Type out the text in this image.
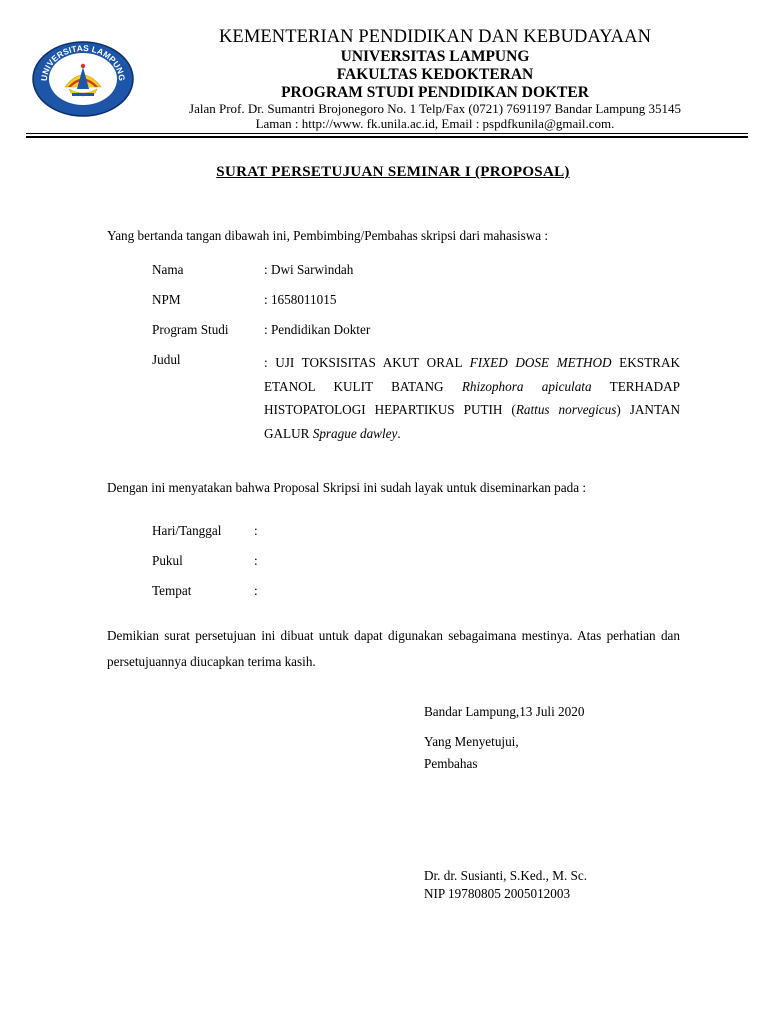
UNIVERSITAS LAMPUNG
KEMENTERIAN PENDIDIKAN DAN KEBUDAYAAN
UNIVERSITAS LAMPUNG
FAKULTAS KEDOKTERAN
PROGRAM STUDI PENDIDIKAN DOKTER
Jalan Prof. Dr. Sumantri Brojonegoro No. 1 Telp/Fax (0721) 7691197 Bandar Lampung 35145
Laman : http://www. fk.unila.ac.id, Email : pspdfkunila@gmail.com.
SURAT PERSETUJUAN SEMINAR I (PROPOSAL)
Yang bertanda tangan dibawah ini, Pembimbing/Pembahas skripsi dari mahasiswa :
Nama	: Dwi Sarwindah
NPM	: 1658011015
Program Studi	: Pendidikan Dokter
Judul	: UJI TOKSISITAS AKUT ORAL FIXED DOSE METHOD EKSTRAK ETANOL KULIT BATANG Rhizophora apiculata TERHADAP HISTOPATOLOGI HEPARTIKUS PUTIH (Rattus norvegicus) JANTAN GALUR Sprague dawley.
Dengan ini menyatakan bahwa Proposal Skripsi ini sudah layak untuk diseminarkan pada :
Hari/Tanggal :
Pukul	:
Tempat	:
Demikian surat persetujuan ini dibuat untuk dapat digunakan sebagaimana mestinya. Atas perhatian dan persetujuannya diucapkan terima kasih.
Bandar Lampung,13 Juli 2020
Yang Menyetujui,
Pembahas
Dr. dr. Susianti, S.Ked., M. Sc.
NIP 19780805 2005012003
